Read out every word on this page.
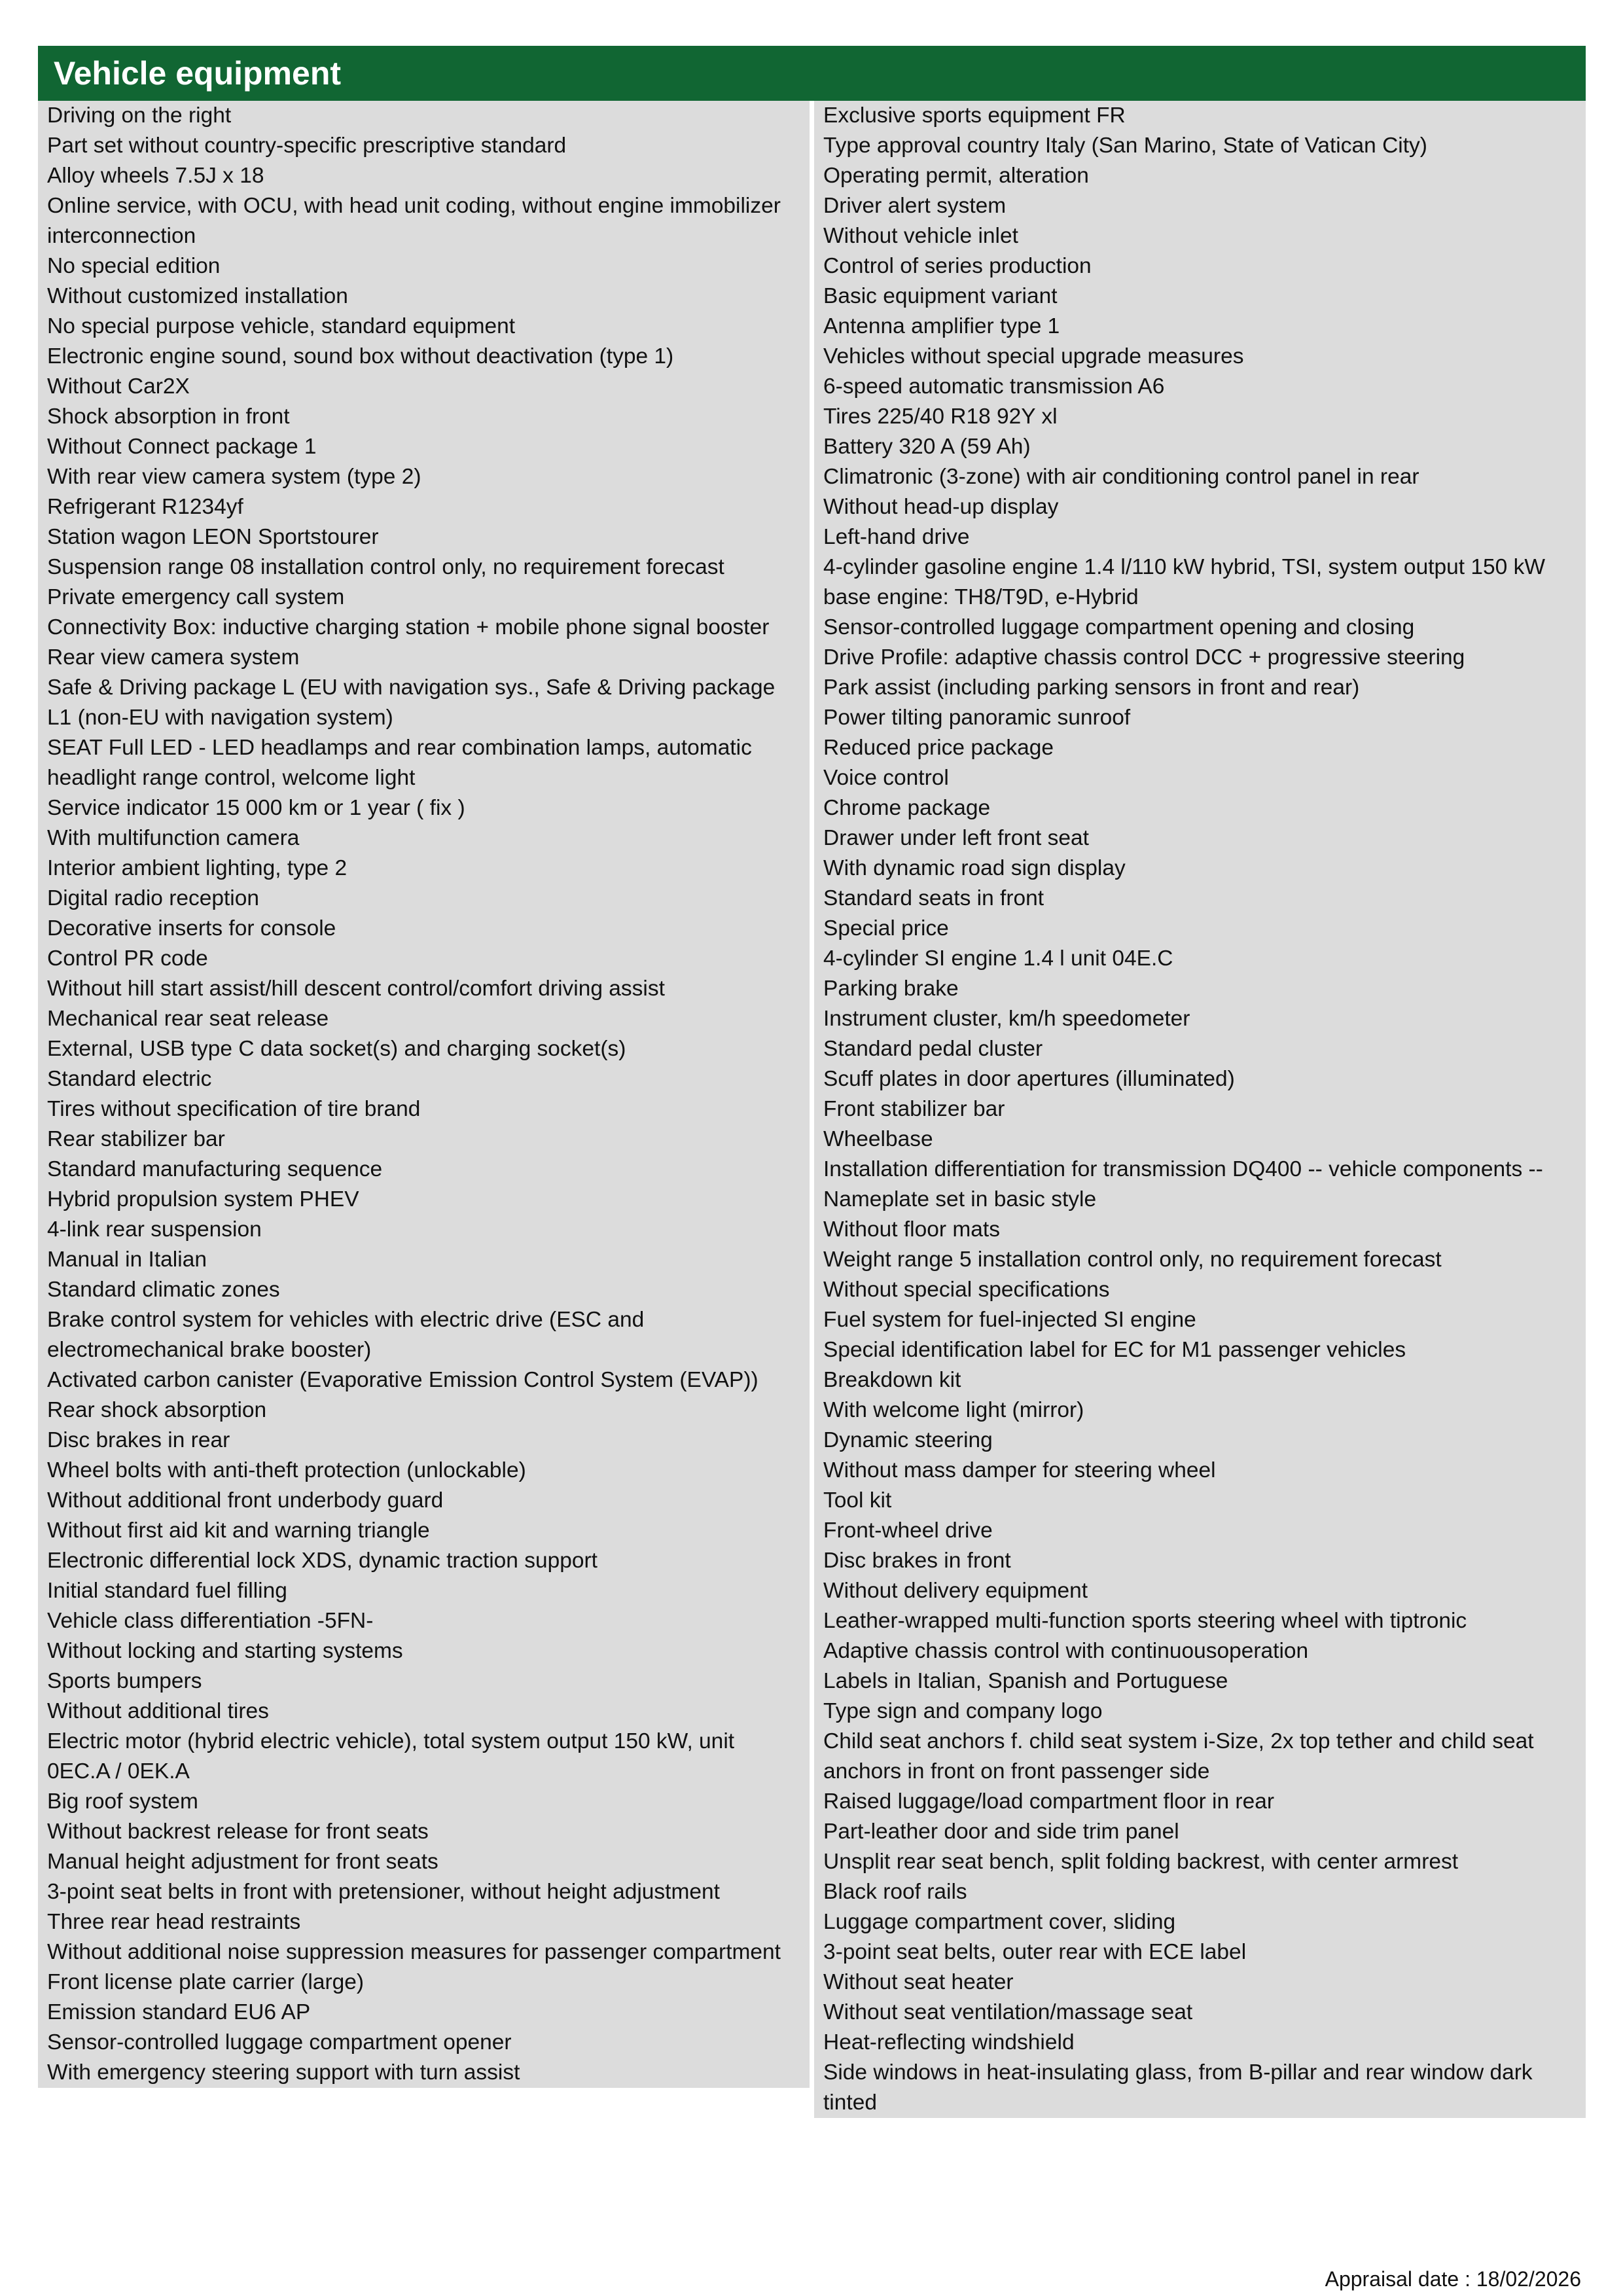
Vehicle equipment
Driving on the right
Part set without country-specific prescriptive standard
Alloy wheels 7.5J x 18
Online service, with OCU, with head unit coding, without engine immobilizer interconnection
No special edition
Without customized installation
No special purpose vehicle, standard equipment
Electronic engine sound, sound box without deactivation (type 1)
Without Car2X
Shock absorption in front
Without Connect package 1
With rear view camera system (type 2)
Refrigerant R1234yf
Station wagon LEON Sportstourer
Suspension range 08 installation control only, no requirement forecast
Private emergency call system
Connectivity Box: inductive charging station + mobile phone signal booster
Rear view camera system
Safe & Driving package L (EU with navigation sys., Safe & Driving package L1 (non-EU with navigation system)
SEAT Full LED - LED headlamps and rear combination lamps, automatic headlight range control, welcome light
Service indicator 15 000 km or 1 year ( fix )
With multifunction camera
Interior ambient lighting, type 2
Digital radio reception
Decorative inserts for console
Control PR code
Without hill start assist/hill descent control/comfort driving assist
Mechanical rear seat release
External, USB type C data socket(s) and charging socket(s)
Standard electric
Tires without specification of tire brand
Rear stabilizer bar
Standard manufacturing sequence
Hybrid propulsion system PHEV
4-link rear suspension
Manual in Italian
Standard climatic zones
Brake control system for vehicles with electric drive (ESC and electromechanical brake booster)
Activated carbon canister (Evaporative Emission Control System (EVAP))
Rear shock absorption
Disc brakes in rear
Wheel bolts with anti-theft protection (unlockable)
Without additional front underbody guard
Without first aid kit and warning triangle
Electronic differential lock XDS, dynamic traction support
Initial standard fuel filling
Vehicle class differentiation -5FN-
Without locking and starting systems
Sports bumpers
Without additional tires
Electric motor (hybrid electric vehicle), total system output 150 kW, unit 0EC.A / 0EK.A
Big roof system
Without backrest release for front seats
Manual height adjustment for front seats
3-point seat belts in front with pretensioner, without height adjustment
Three rear head restraints
Without additional noise suppression measures for passenger compartment
Front license plate carrier (large)
Emission standard EU6 AP
Sensor-controlled luggage compartment opener
With emergency steering support with turn assist
Exclusive sports equipment FR
Type approval country Italy (San Marino, State of Vatican City)
Operating permit, alteration
Driver alert system
Without vehicle inlet
Control of series production
Basic equipment variant
Antenna amplifier type 1
Vehicles without special upgrade measures
6-speed automatic transmission A6
Tires 225/40 R18 92Y xl
Battery 320 A (59 Ah)
Climatronic (3-zone) with air conditioning control panel in rear
Without head-up display
Left-hand drive
4-cylinder gasoline engine 1.4 l/110 kW hybrid, TSI, system output 150 kW base engine: TH8/T9D, e-Hybrid
Sensor-controlled luggage compartment opening and closing
Drive Profile: adaptive chassis control DCC + progressive steering
Park assist (including parking sensors in front and rear)
Power tilting panoramic sunroof
Reduced price package
Voice control
Chrome package
Drawer under left front seat
With dynamic road sign display
Standard seats in front
Special price
4-cylinder SI engine 1.4 l unit 04E.C
Parking brake
Instrument cluster, km/h speedometer
Standard pedal cluster
Scuff plates in door apertures (illuminated)
Front stabilizer bar
Wheelbase
Installation differentiation for transmission DQ400 -- vehicle components --
Nameplate set in basic style
Without floor mats
Weight range 5 installation control only, no requirement forecast
Without special specifications
Fuel system for fuel-injected SI engine
Special identification label for EC for M1 passenger vehicles
Breakdown kit
With welcome light (mirror)
Dynamic steering
Without mass damper for steering wheel
Tool kit
Front-wheel drive
Disc brakes in front
Without delivery equipment
Leather-wrapped multi-function sports steering wheel with tiptronic
Adaptive chassis control with continuousoperation
Labels in Italian, Spanish and Portuguese
Type sign and company logo
Child seat anchors f. child seat system i-Size, 2x top tether and child seat anchors in front on front passenger side
Raised luggage/load compartment floor in rear
Part-leather door and side trim panel
Unsplit rear seat bench, split folding backrest, with center armrest
Black roof rails
Luggage compartment cover, sliding
3-point seat belts, outer rear with ECE label
Without seat heater
Without seat ventilation/massage seat
Heat-reflecting windshield
Side windows in heat-insulating glass, from B-pillar and rear window dark tinted
Appraisal date : 18/02/2026
